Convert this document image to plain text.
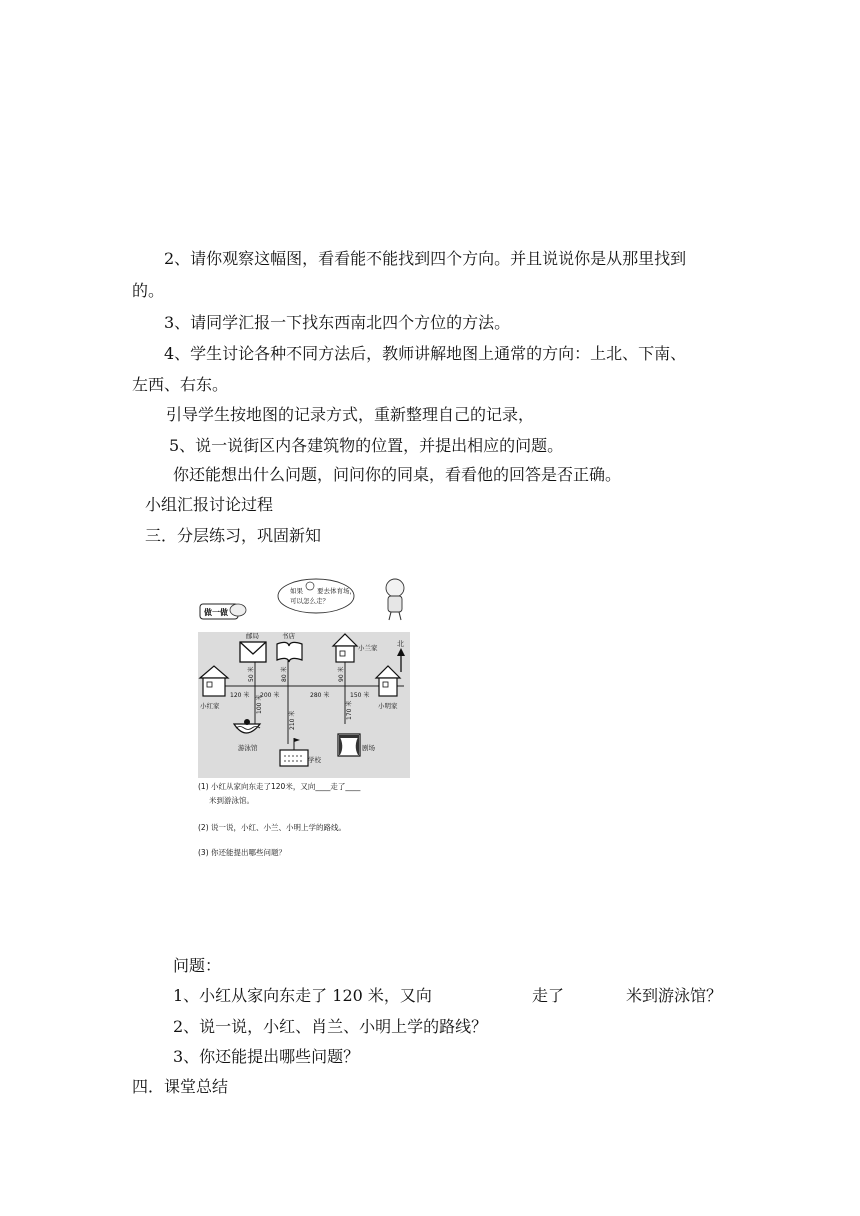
2、请你观察这幅图，看看能不能找到四个方向。并且说说你是从那里找到
的。
3、请同学汇报一下找东西南北四个方位的方法。
4、学生讨论各种不同方法后，教师讲解地图上通常的方向：上北、下南、
左西、右东。
引导学生按地图的记录方式，重新整理自己的记录，
5、说一说街区内各建筑物的位置，并提出相应的问题。
你还能想出什么问题，问问你的同桌，看看他的回答是否正确。
小组汇报讨论过程
三．分层练习，巩固新知
做一做
如果 要去体育场，
可以怎么走？
120 米 200 米	280 米	150 米
50 米	80 米	90 米
100 米
210 米
170 米
北
邮局	书店
小兰家
小红家	小明家
游泳馆
学校
剧场
(1) 小红从家向东走了120米，又向____走了____
米到游泳馆。
(2) 说一说，小红、小兰、小明上学的路线。
(3) 你还能提出哪些问题？
问题：
1、小红从家向东走了 120 米，又向	走了	米到游泳馆？
2、说一说，小红、肖兰、小明上学的路线？
3、你还能提出哪些问题？
四．课堂总结
